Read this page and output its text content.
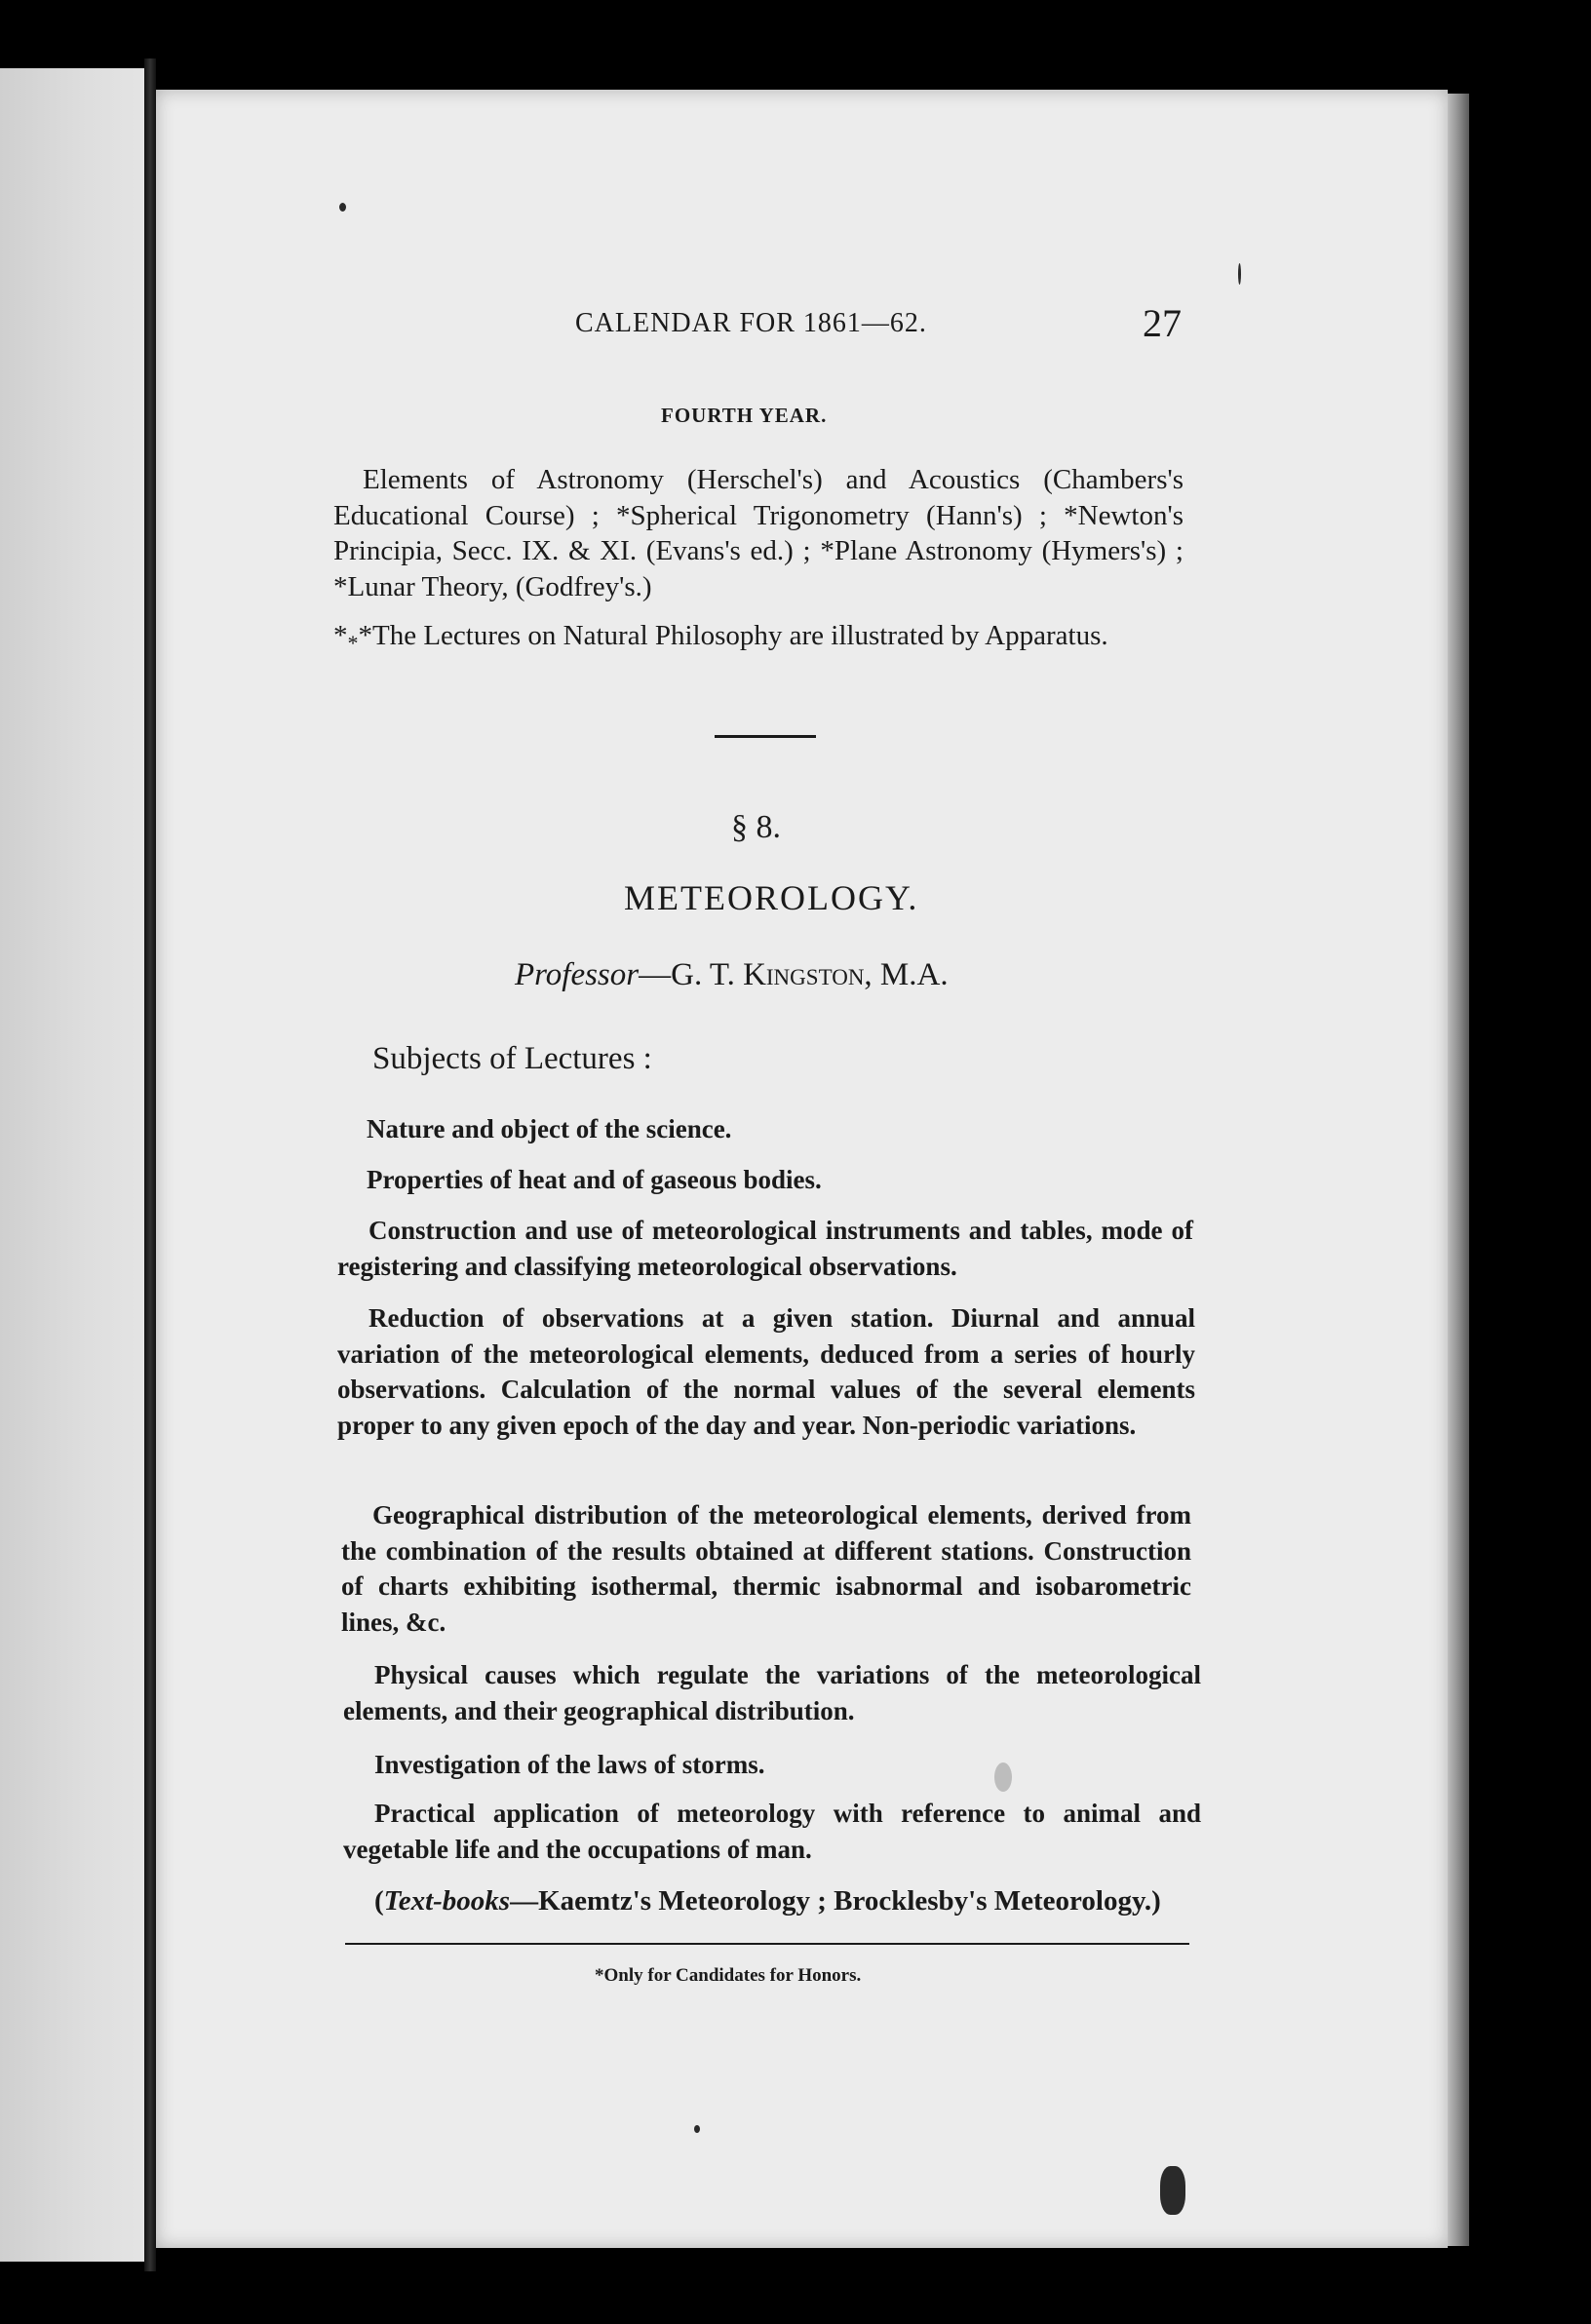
CALENDAR FOR 1861—62.	27
FOURTH YEAR.
Elements of Astronomy (Herschel's) and Acoustics (Chambers's Educational Course) ; *Spherical Trigonometry (Hann's) ; *Newton's Principia, Secc. IX. & XI. (Evans's ed.) ; *Plane Astronomy (Hymers's) ; *Lunar Theory, (Godfrey's.)
$*_**The$ Lectures on Natural Philosophy are illustrated by Apparatus.
§ 8.
METEOROLOGY.
Professor—G. T. Kingston, M.A.
Subjects of Lectures :
Nature and object of the science.
Properties of heat and of gaseous bodies.
Construction and use of meteorological instruments and tables, mode of registering and classifying meteorological observations.
Reduction of observations at a given station. Diurnal and annual variation of the meteorological elements, deduced from a series of hourly observations. Calculation of the normal values of the several elements proper to any given epoch of the day and year. Non-periodic variations.
Geographical distribution of the meteorological elements, derived from the combination of the results obtained at different stations. Construction of charts exhibiting isothermal, thermic isabnormal and isobarometric lines, &c.
Physical causes which regulate the variations of the meteorological elements, and their geographical distribution.
Investigation of the laws of storms.
Practical application of meteorology with reference to animal and vegetable life and the occupations of man.
(Text-books—Kaemtz's Meteorology ; Brocklesby's Meteorology.)
*Only for Candidates for Honors.
